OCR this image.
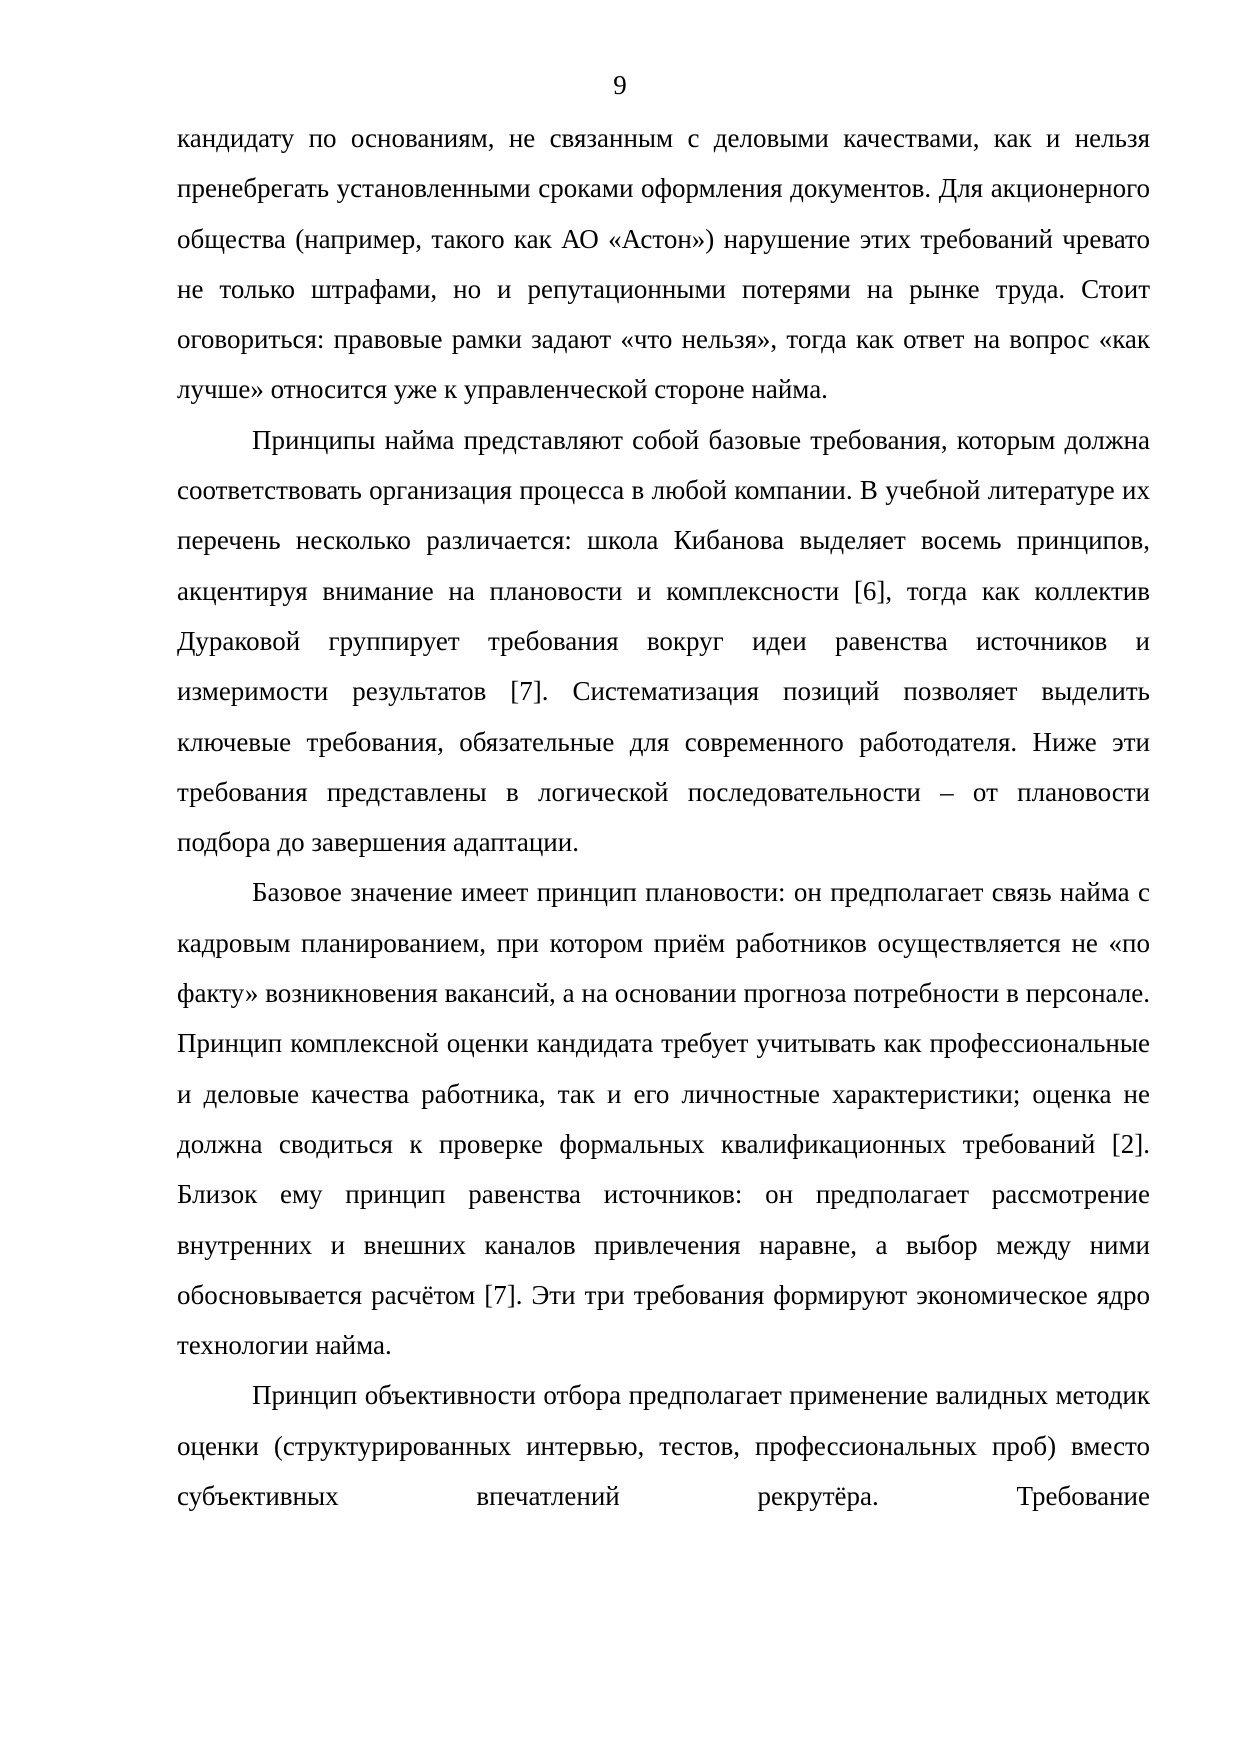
9

кандидату по основаниям, не связанным с деловыми качествами, как и нельзя пренебрегать установленными сроками оформления документов. Для акционерного общества (например, такого как АО «Астон») нарушение этих требований чревато не только штрафами, но и репутационными потерями на рынке труда. Стоит оговориться: правовые рамки задают «что нельзя», тогда как ответ на вопрос «как лучше» относится уже к управленческой стороне найма.

Принципы найма представляют собой базовые требования, которым должна соответствовать организация процесса в любой компании. В учебной литературе их перечень несколько различается: школа Кибанова выделяет восемь принципов, акцентируя внимание на плановости и комплексности [6], тогда как коллектив Дураковой группирует требования вокруг идеи равенства источников и измеримости результатов [7]. Систематизация позиций позволяет выделить ключевые требования, обязательные для современного работодателя. Ниже эти требования представлены в логической последовательности – от плановости подбора до завершения адаптации.

Базовое значение имеет принцип плановости: он предполагает связь найма с кадровым планированием, при котором приём работников осуществляется не «по факту» возникновения вакансий, а на основании прогноза потребности в персонале. Принцип комплексной оценки кандидата требует учитывать как профессиональные и деловые качества работника, так и его личностные характеристики; оценка не должна сводиться к проверке формальных квалификационных требований [2]. Близок ему принцип равенства источников: он предполагает рассмотрение внутренних и внешних каналов привлечения наравне, а выбор между ними обосновывается расчётом [7]. Эти три требования формируют экономическое ядро технологии найма.

Принцип объективности отбора предполагает применение валидных методик оценки (структурированных интервью, тестов, профессиональных проб) вместо субъективных впечатлений рекрутёра. Требование
